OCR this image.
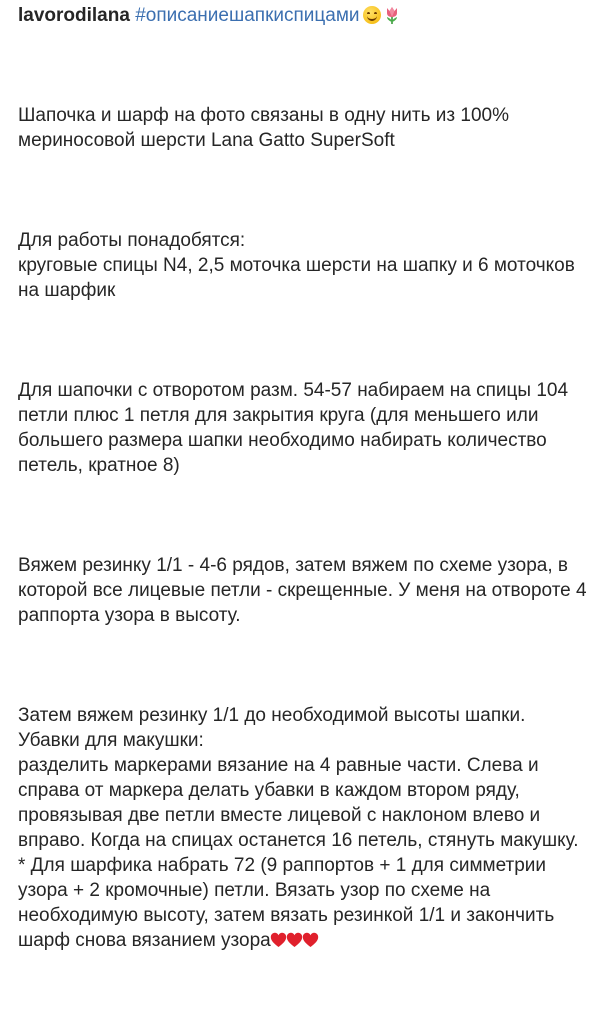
lavorodilana #описаниешапкиспицами

Шапочка и шарф на фото связаны в одну нить из 100%
мериносовой шерсти Lana Gatto SuperSoft

Для работы понадобятся:
круговые спицы N4, 2,5 моточка шерсти на шапку и 6 моточков
на шарфик

Для шапочки с отворотом разм. 54-57 набираем на спицы 104
петли плюс 1 петля для закрытия круга (для меньшего или
большего размера шапки необходимо набирать количество
петель, кратное 8)

Вяжем резинку 1/1 - 4-6 рядов, затем вяжем по схеме узора, в
которой все лицевые петли - скрещенные. У меня на отвороте 4
раппорта узора в высоту.

Затем вяжем резинку 1/1 до необходимой высоты шапки.
Убавки для макушки:
разделить маркерами вязание на 4 равные части. Слева и
справа от маркера делать убавки в каждом втором ряду,
провязывая две петли вместе лицевой с наклоном влево и
вправо. Когда на спицах останется 16 петель, стянуть макушку.
* Для шарфика набрать 72 (9 раппортов + 1 для симметрии
узора + 2 кромочные) петли. Вязать узор по схеме на
необходимую высоту, затем вязать резинкой 1/1 и закончить
шарф снова вязанием узора
